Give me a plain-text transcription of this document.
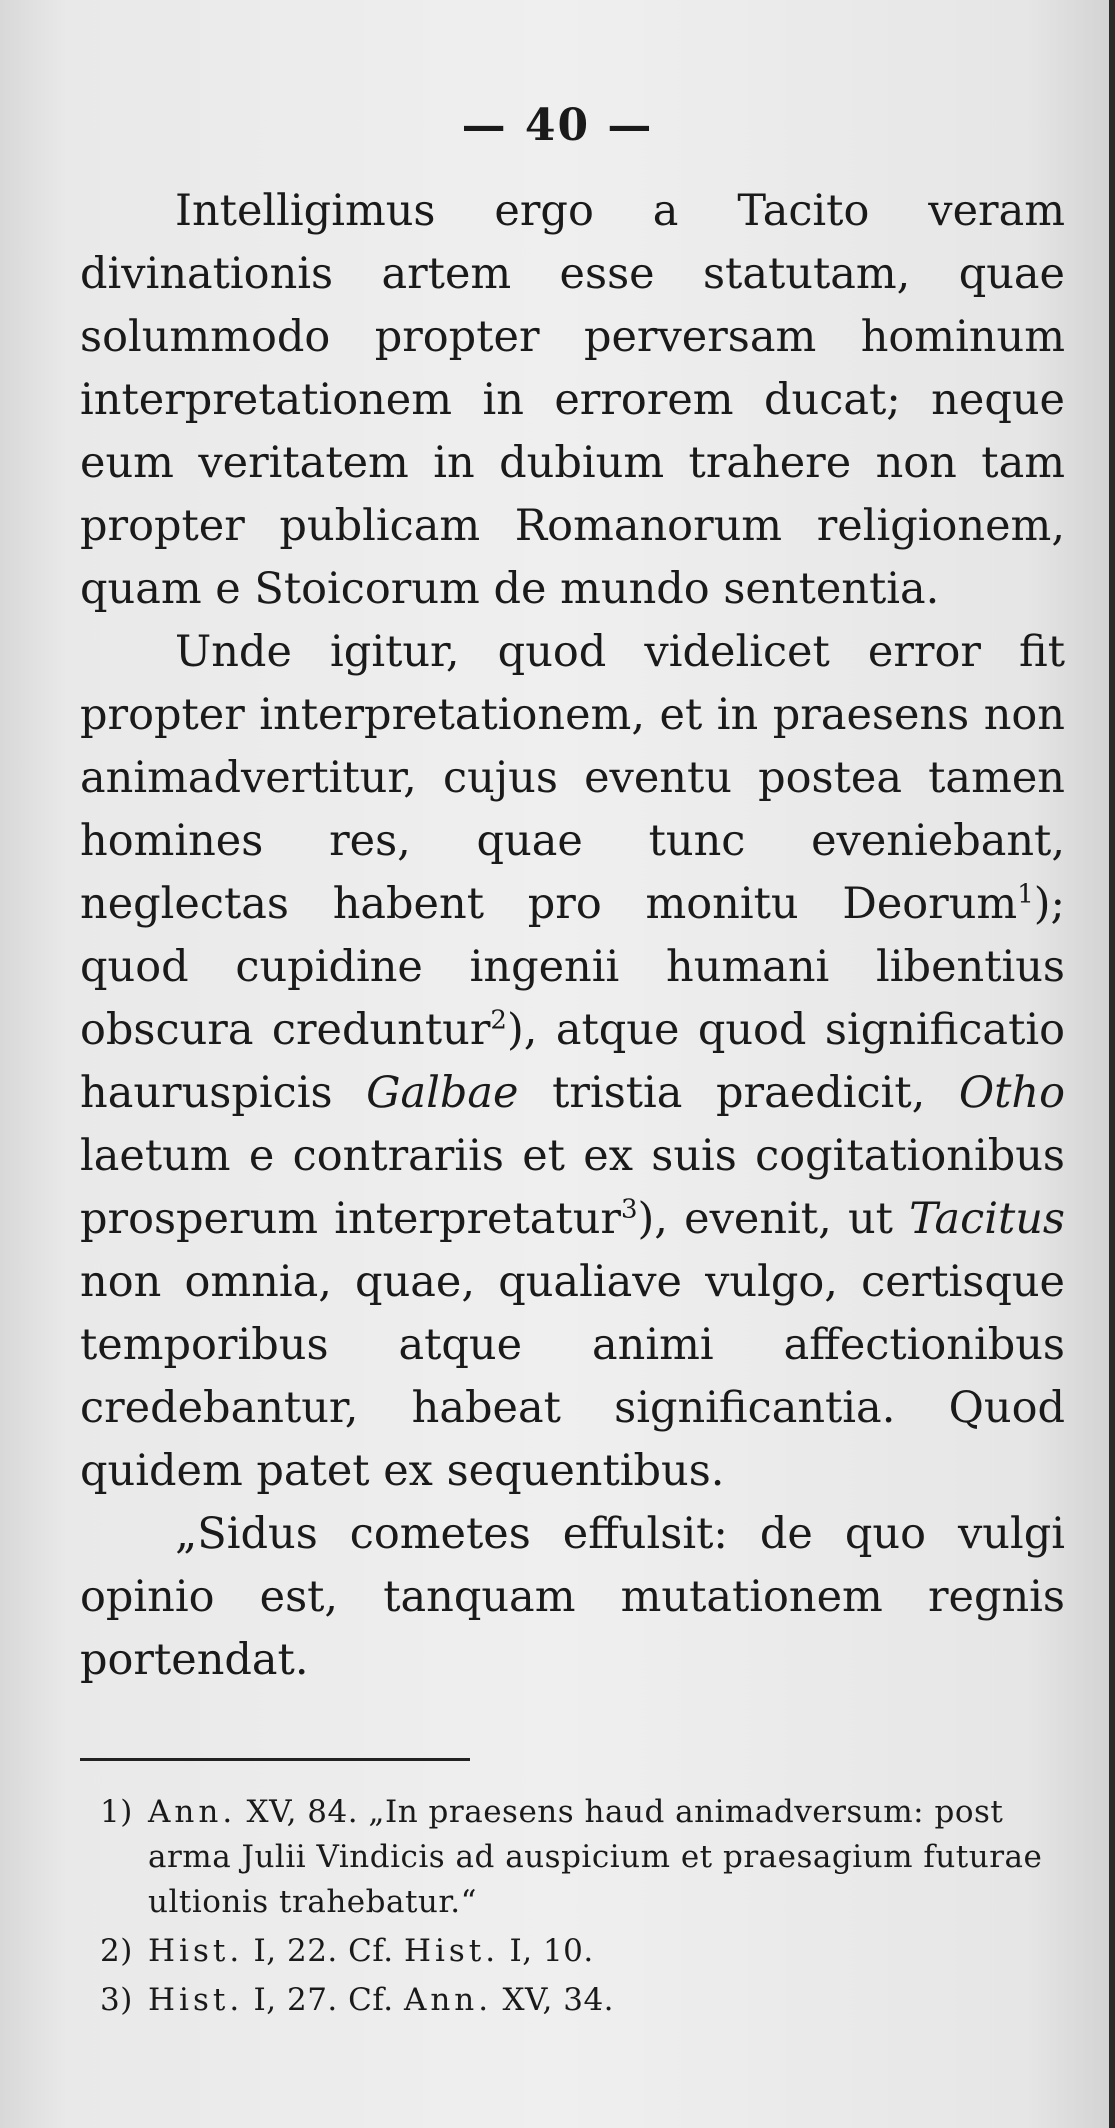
— 40 —

Intelligimus ergo a Tacito veram divinationis artem esse statutam, quae solummodo propter perversam hominum interpretationem in errorem ducat; neque eum veritatem in dubium trahere non tam propter publicam Romanorum religionem, quam e Stoicorum de mundo sententia.

Unde igitur, quod videlicet error fit propter interpretationem, et in praesens non animadvertitur, cujus eventu postea tamen homines res, quae tunc eveniebant, neglectas habent pro monitu Deorum$^1$); quod cupidine ingenii humani libentius obscura creduntur$^2$), atque quod significatio hauruspicis Galbae tristia praedicit, Otho laetum e contrariis et ex suis cogitationibus prosperum interpretatur$^3$), evenit, ut Tacitus non omnia, quae, qualiave vulgo, certisque temporibus atque animi affectionibus credebantur, habeat significantia. Quod quidem patet ex sequentibus.

„Sidus cometes effulsit: de quo vulgi opinio est, tanquam mutationem regnis portendat.

1) Ann. XV, 84. „In praesens haud animadversum: post arma Julii Vindicis ad auspicium et praesagium futurae ultionis trahebatur.“

2) Hist. I, 22. Cf. Hist. I, 10.

3) Hist. I, 27. Cf. Ann. XV, 34.
